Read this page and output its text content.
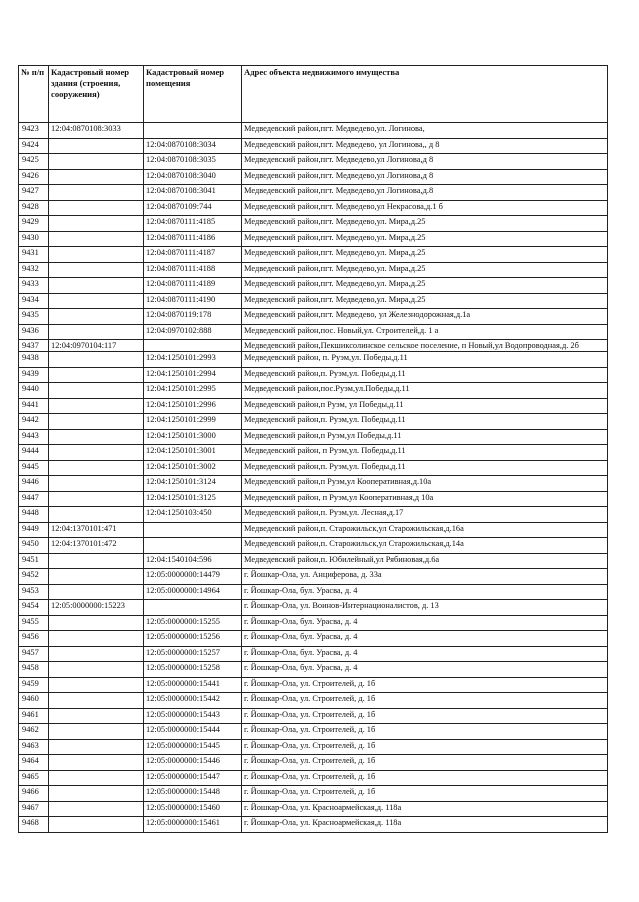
№ п/п	Кадастровый номер здания (строения, сооружения)	Кадастровый номер помещения	Адрес объекта недвижимого имущества
9423	12:04:0870108:3033		Медведевский район,пгт. Медведево,ул. Логинова,
9424		12:04:0870108:3034	Медведевский район,пгт. Медведево, ул Логинова,, д 8
9425		12:04:0870108:3035	Медведевский район,пгт. Медведево,ул Логинова,д 8
9426		12:04:0870108:3040	Медведевский район,пгт. Медведево,ул Логинова,д 8
9427		12:04:0870108:3041	Медведевский район,пгт. Медведево,ул Логинова,д.8
9428		12:04:0870109:744	Медведевский район,пгт. Медведево,ул Некрасова,д.1 б
9429		12:04:0870111:4185	Медведевский район,пгт. Медведево,ул. Мира,д.25
9430		12:04:0870111:4186	Медведевский район,пгт. Медведево,ул. Мира,д.25
9431		12:04:0870111:4187	Медведевский район,пгт. Медведево,ул. Мира,д.25
9432		12:04:0870111:4188	Медведевский район,пгт. Медведево,ул. Мира,д.25
9433		12:04:0870111:4189	Медведевский район,пгт. Медведево,ул. Мира,д.25
9434		12:04:0870111:4190	Медведевский район,пгт. Медведево,ул. Мира,д.25
9435		12:04:0870119:178	Медведевский район,пгт. Медведево, ул Железнодорожная,д.1а
9436		12:04:0970102:888	Медведевский район,пос. Новый,ул. Строителей,д. 1 а
9437	12:04:0970104:117		Медведевский район,Пекшиксолинское сельское поселение, п Новый,ул Водопроводная,д. 2б
9438		12:04:1250101:2993	Медведевский район, п. Руэм,ул. Победы,д.11
9439		12:04:1250101:2994	Медведевский район,п. Руэм,ул. Победы,д.11
9440		12:04:1250101:2995	Медведевский район,пос.Руэм,ул.Победы,д.11
9441		12:04:1250101:2996	Медведевский район,п Руэм, ул Победы,д.11
9442		12:04:1250101:2999	Медведевский район,п. Руэм,ул. Победы,д.11
9443		12:04:1250101:3000	Медведевский район,п Руэм,ул Победы,д.11
9444		12:04:1250101:3001	Медведевский район, п Руэм,ул. Победы,д.11
9445		12:04:1250101:3002	Медведевский район,п. Руэм,ул. Победы,д.11
9446		12:04:1250101:3124	Медведевский район,п Руэм,ул Кооперативная,д.10а
9447		12:04:1250101:3125	Медведевский район, п Руэм,ул Кооперативная,д 10а
9448		12:04:1250103:450	Медведевский район,п. Руэм,ул. Лесная,д.17
9449	12:04:1370101:471		Медведевский район,п. Старожильск,ул Старожильская,д.16а
9450	12:04:1370101:472		Медведевский район,п. Старожильск,ул Старожильская,д.14а
9451		12:04:1540104:596	Медведевский район,п. Юбилейный,ул Рябиновая,д.6а
9452		12:05:0000000:14479	г. Йошкар-Ола, ул. Анциферова, д. 33а
9453		12:05:0000000:14964	г. Йошкар-Ола, бул. Урасва, д. 4
9454	12:05:0000000:15223		г. Йошкар-Ола, ул. Воинов-Интернационалистов, д. 13
9455		12:05:0000000:15255	г. Йошкар-Ола, бул. Урасва, д. 4
9456		12:05:0000000:15256	г. Йошкар-Ола, бул. Урасва, д. 4
9457		12:05:0000000:15257	г. Йошкар-Ола, бул. Урасва, д. 4
9458		12:05:0000000:15258	г. Йошкар-Ола, бул. Урасва, д. 4
9459		12:05:0000000:15441	г. Йошкар-Ола, ул. Строителей, д. 1б
9460		12:05:0000000:15442	г. Йошкар-Ола, ул. Строителей, д. 1б
9461		12:05:0000000:15443	г. Йошкар-Ола, ул. Строителей, д. 1б
9462		12:05:0000000:15444	г. Йошкар-Ола, ул. Строителей, д. 1б
9463		12:05:0000000:15445	г. Йошкар-Ола, ул. Строителей, д. 1б
9464		12:05:0000000:15446	г. Йошкар-Ола, ул. Строителей, д. 1б
9465		12:05:0000000:15447	г. Йошкар-Ола, ул. Строителей, д. 1б
9466		12:05:0000000:15448	г. Йошкар-Ола, ул. Строителей, д. 1б
9467		12:05:0000000:15460	г. Йошкар-Ола, ул. Красноармейская,д. 118а
9468		12:05:0000000:15461	г. Йошкар-Ола, ул. Красноармейская,д. 118а
